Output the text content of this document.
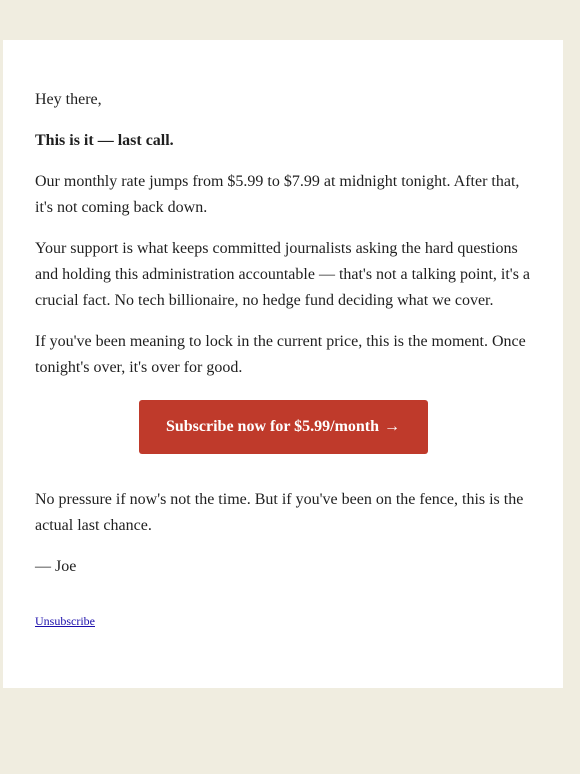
Hey there,

This is it — last call.

Our monthly rate jumps from $5.99 to $7.99 at midnight tonight. After that, it's not coming back down.

Your support is what keeps committed journalists asking the hard questions and holding this administration accountable — that's not a talking point, it's a crucial fact. No tech billionaire, no hedge fund deciding what we cover.

If you've been meaning to lock in the current price, this is the moment. Once tonight's over, it's over for good.

Subscribe now for $5.99/month →

No pressure if now's not the time. But if you've been on the fence, this is the actual last chance.

— Joe

Unsubscribe
